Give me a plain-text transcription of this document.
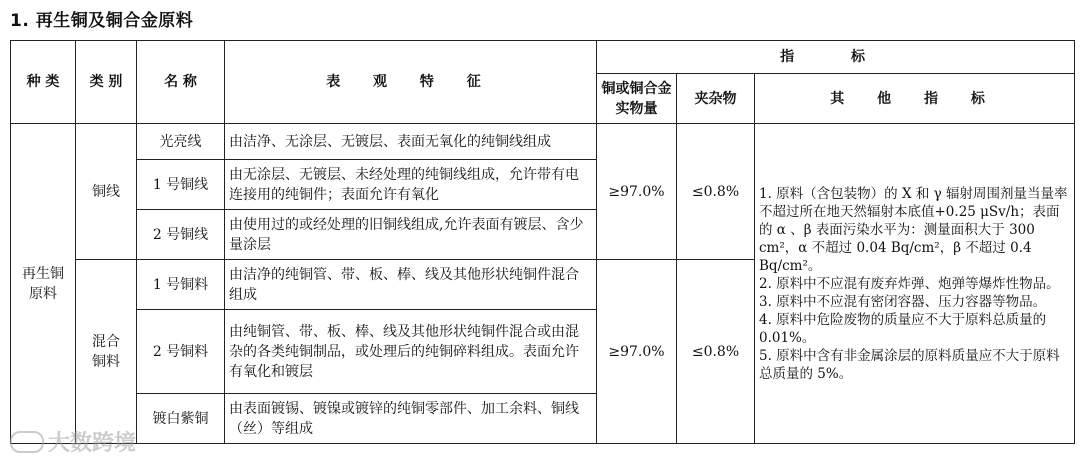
1. 再生铜及铜合金原料
种 类	类 别	名 称	表 观 特 征	指 标		
				铜或铜合金实物量	夹杂物	其 他 指 标
再生铜原料	铜线	光亮线	由洁净、无涂层、无镀层、表面无氧化的纯铜线组成	≥97.0%	≤0.8%	1. 原料（含包装物）的 X 和 γ 辐射周围剂量当量率不超过所在地天然辐射本底值+0.25 μSv/h；表面的 α 、β 表面污染水平为：测量面积大于 300 cm²，α 不超过 0.04 Bq/cm²，β 不超过 0.4 Bq/cm²。
2. 原料中不应混有废弃炸弹、炮弹等爆炸性物品。
3. 原料中不应混有密闭容器、压力容器等物品。
4. 原料中危险废物的质量应不大于原料总质量的 0.01%。
5. 原料中含有非金属涂层的原料质量应不大于原料总质量的 5%。

		1 号铜线	由无涂层、无镀层、未经处理的纯铜线组成，允许带有电连接用的纯铜件；表面允许有氧化			
		2 号铜线	由使用过的或经处理的旧铜线组成,允许表面有镀层、含少量涂层			
	混合铜料	1 号铜料	由洁净的纯铜管、带、板、棒、线及其他形状纯铜件混合组成	≥97.0%	≤0.8%	
		2 号铜料	由纯铜管、带、板、棒、线及其他形状纯铜件混合或由混杂的各类纯铜制品，或处理后的纯铜碎料组成。表面允许有氧化和镀层			
		镀白紫铜	由表面镀锡、镀镍或镀锌的纯铜零部件、加工余料、铜线（丝）等组成			
大数跨境
